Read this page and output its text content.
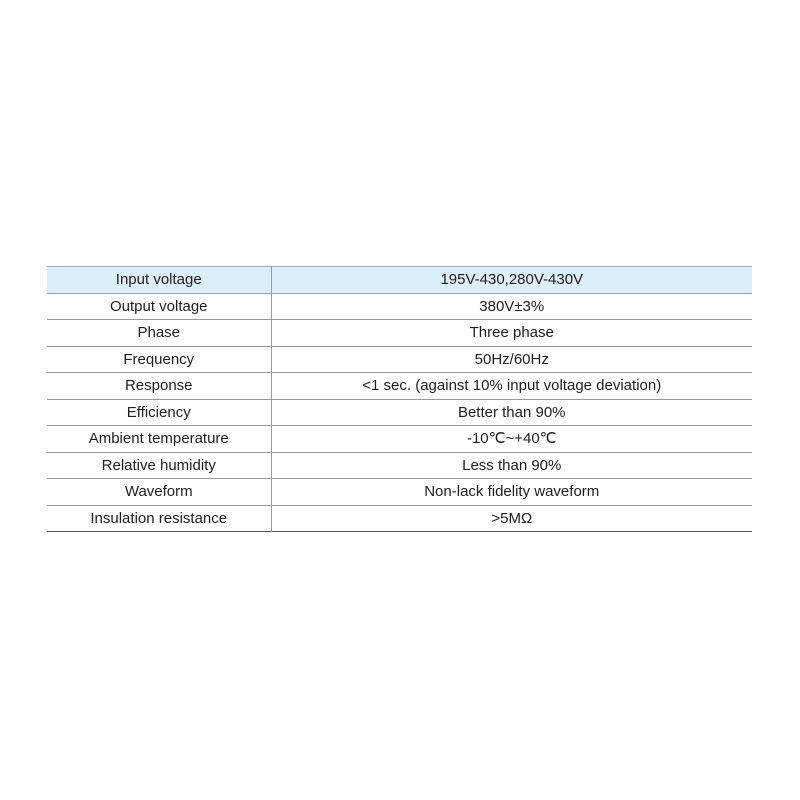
Input voltage	195V-430,280V-430V
Output voltage	380V±3%
Phase	Three phase
Frequency	50Hz/60Hz
Response	<1 sec. (against 10% input voltage deviation)
Efficiency	Better than 90%
Ambient temperature	-10℃~+40℃
Relative humidity	Less than 90%
Waveform	Non-lack fidelity waveform
Insulation resistance	>5MΩ
